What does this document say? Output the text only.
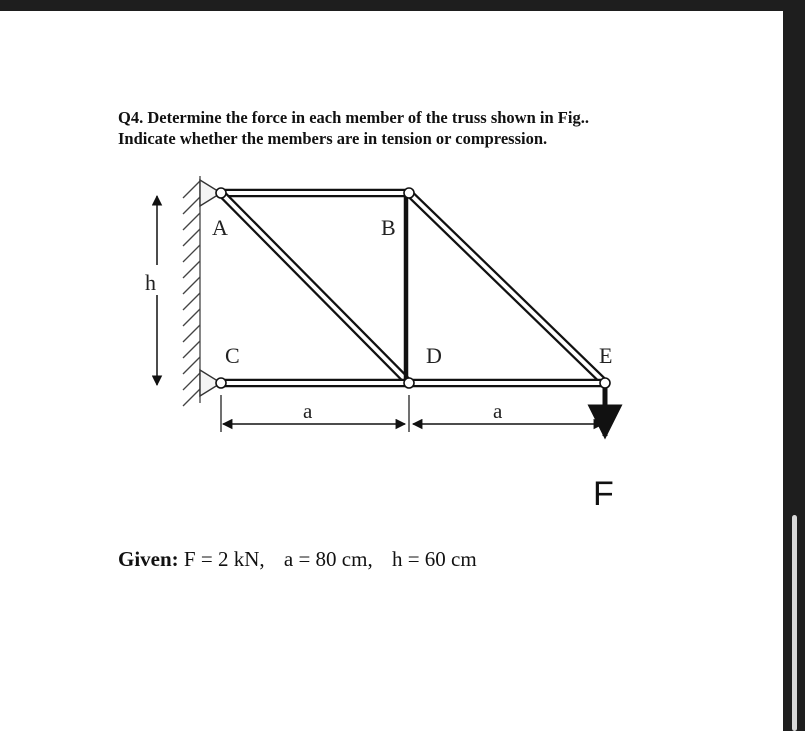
Q4. Determine the force in each member of the truss shown in Fig..

Indicate whether the members are in tension or compression.

h
A	B
C	D	E
a	a
F
Given: F = 2 kN, a = 80 cm, h = 60 cm
